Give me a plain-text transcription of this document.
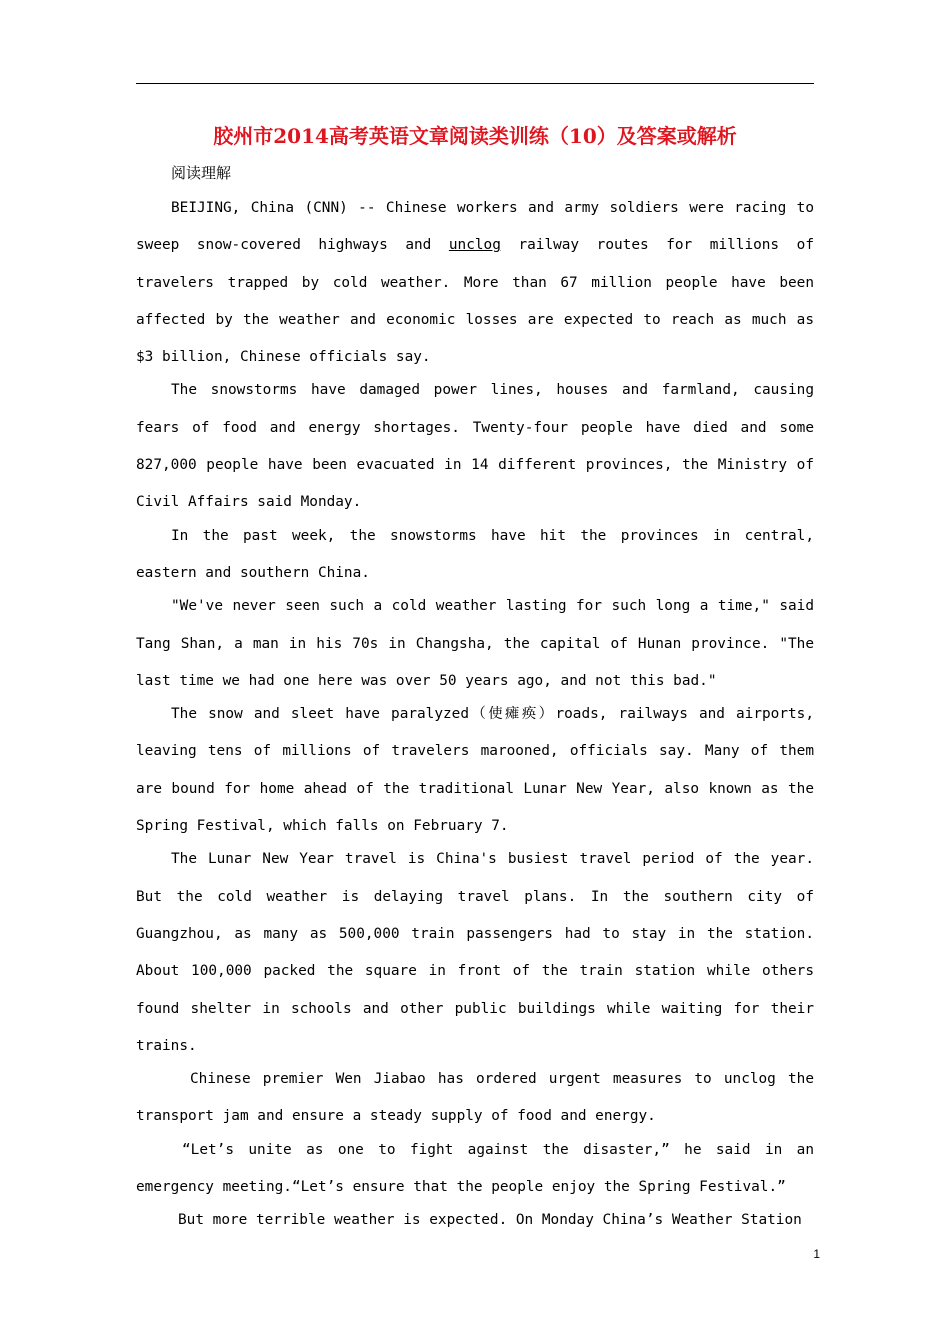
胶州市2014高考英语文章阅读类训练（10）及答案或解析
阅读理解

BEIJING, China (CNN) -- Chinese workers and army soldiers were racing to sweep snow-covered highways and unclog railway routes for millions of travelers trapped by cold weather. More than 67 million people have been affected by the weather and economic losses are expected to reach as much as $3 billion, Chinese officials say.

The snowstorms have damaged power lines, houses and farmland, causing fears of food and energy shortages. Twenty-four people have died and some 827,000 people have been evacuated in 14 different provinces, the Ministry of Civil Affairs said Monday.

In the past week, the snowstorms have hit the provinces in central, eastern and southern China.

"We've never seen such a cold weather lasting for such long a time," said Tang Shan, a man in his 70s in Changsha, the capital of Hunan province. "The last time we had one here was over 50 years ago, and not this bad."

The snow and sleet have paralyzed（使瘫痪）roads, railways and airports, leaving tens of millions of travelers marooned, officials say. Many of them are bound for home ahead of the traditional Lunar New Year, also known as the Spring Festival, which falls on February 7.

The Lunar New Year travel is China's busiest travel period of the year. But the cold weather is delaying travel plans. In the southern city of Guangzhou, as many as 500,000 train passengers had to stay in the station. About 100,000 packed the square in front of the train station while others found shelter in schools and other public buildings while waiting for their trains.

Chinese premier Wen Jiabao has ordered urgent measures to unclog the transport jam and ensure a steady supply of food and energy.

“Let’s unite as one to fight against the disaster,” he said in an emergency meeting.“Let’s ensure that the people enjoy the Spring Festival.”

But more terrible weather is expected. On Monday China’s Weather Station

1
